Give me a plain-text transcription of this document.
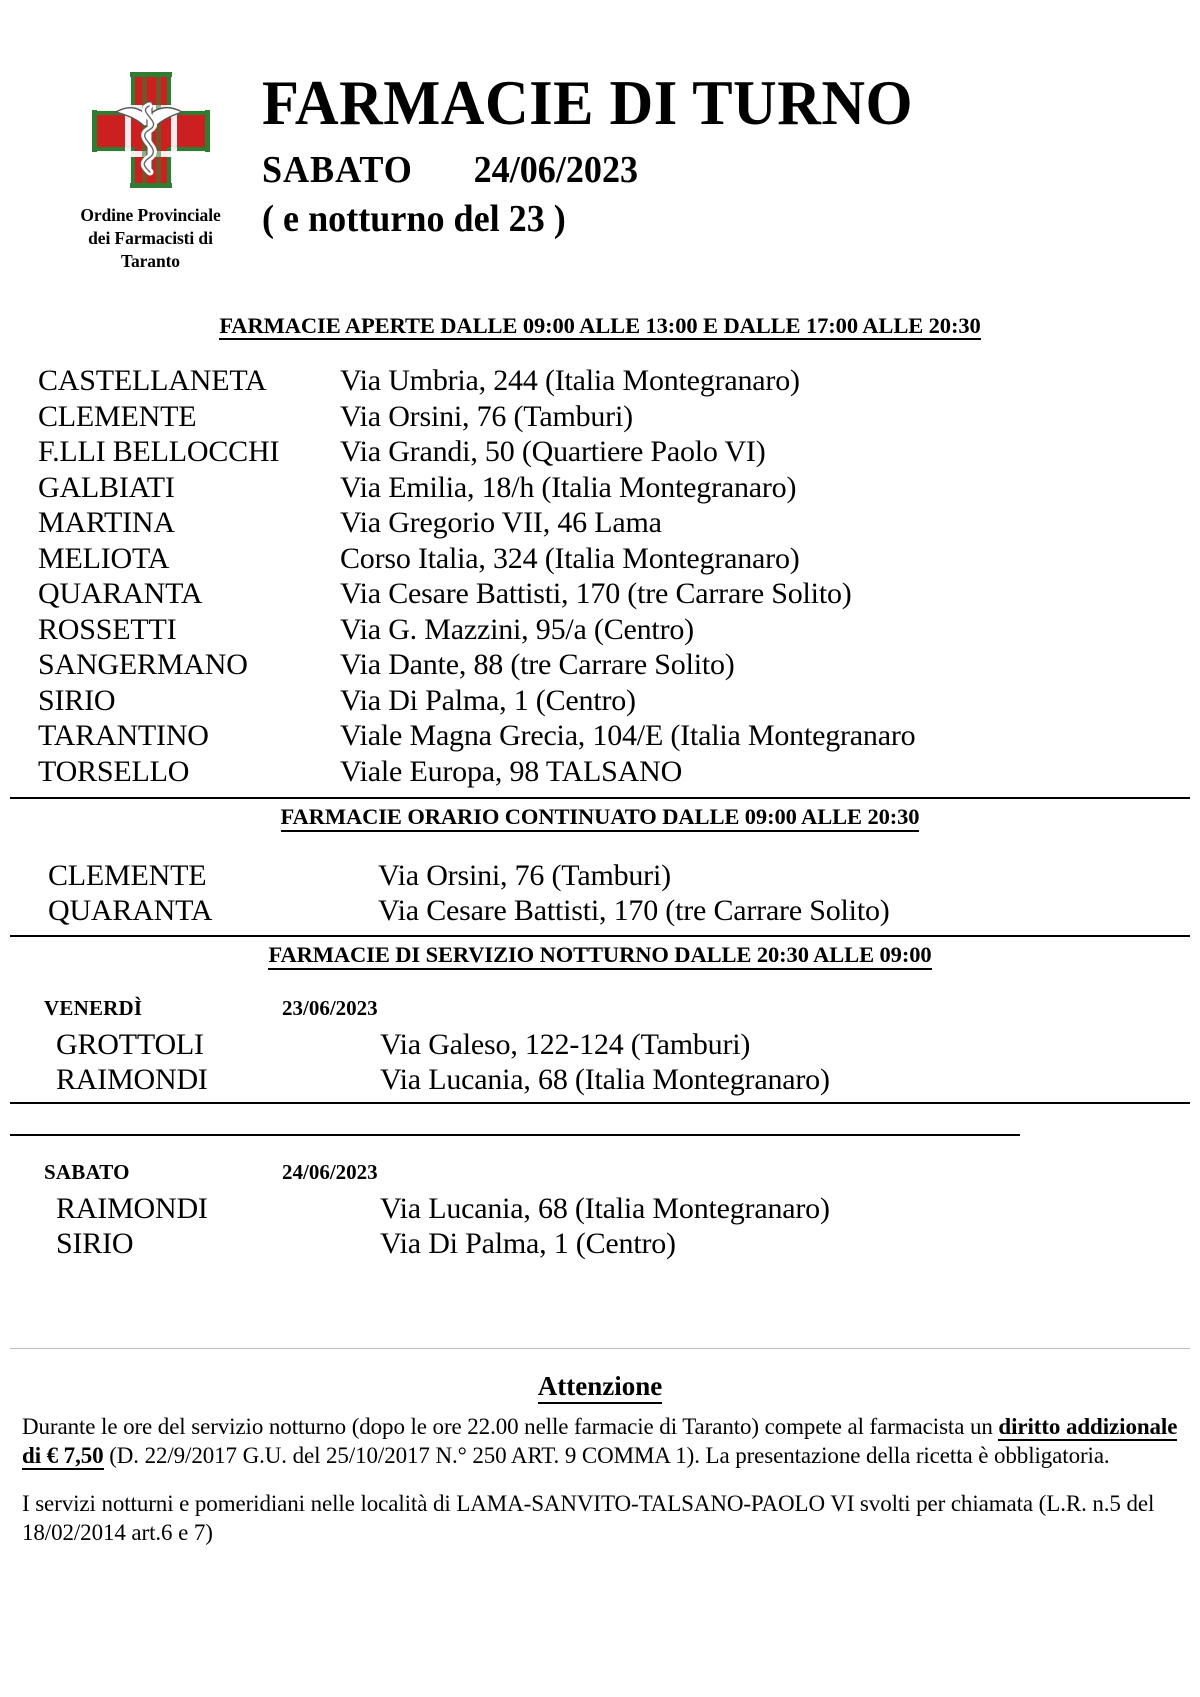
Ordine Provinciale
dei Farmacisti di
Taranto
FARMACIE DI TURNO
SABATO 24/06/2023
( e notturno del 23 )
FARMACIE APERTE DALLE 09:00 ALLE 13:00 E DALLE 17:00 ALLE 20:30
CASTELLANETA	Via Umbria, 244 (Italia Montegranaro)
CLEMENTE	Via Orsini, 76 (Tamburi)
F.LLI BELLOCCHI	Via Grandi, 50 (Quartiere Paolo VI)
GALBIATI	Via Emilia, 18/h (Italia Montegranaro)
MARTINA	Via Gregorio VII, 46 Lama
MELIOTA	Corso Italia, 324 (Italia Montegranaro)
QUARANTA	Via Cesare Battisti, 170 (tre Carrare Solito)
ROSSETTI	Via G. Mazzini, 95/a (Centro)
SANGERMANO	Via Dante, 88 (tre Carrare Solito)
SIRIO	Via Di Palma, 1 (Centro)
TARANTINO	Viale Magna Grecia, 104/E (Italia Montegranaro
TORSELLO	Viale Europa, 98 TALSANO
FARMACIE ORARIO CONTINUATO DALLE 09:00 ALLE 20:30
CLEMENTE	Via Orsini, 76 (Tamburi)
QUARANTA	Via Cesare Battisti, 170 (tre Carrare Solito)
FARMACIE DI SERVIZIO NOTTURNO DALLE 20:30 ALLE 09:00
VENERDÌ	23/06/2023
GROTTOLI	Via Galeso, 122-124 (Tamburi)
RAIMONDI	Via Lucania, 68 (Italia Montegranaro)
SABATO	24/06/2023
RAIMONDI	Via Lucania, 68 (Italia Montegranaro)
SIRIO	Via Di Palma, 1 (Centro)
Attenzione

Durante le ore del servizio notturno (dopo le ore 22.00 nelle farmacie di Taranto) compete al farmacista un diritto addizionale di € 7,50 (D. 22/9/2017 G.U. del 25/10/2017 N.° 250 ART. 9 COMMA 1). La presentazione della ricetta è obbligatoria.

I servizi notturni e pomeridiani nelle località di LAMA-SANVITO-TALSANO-PAOLO VI svolti per chiamata (L.R. n.5 del 18/02/2014 art.6 e 7)
